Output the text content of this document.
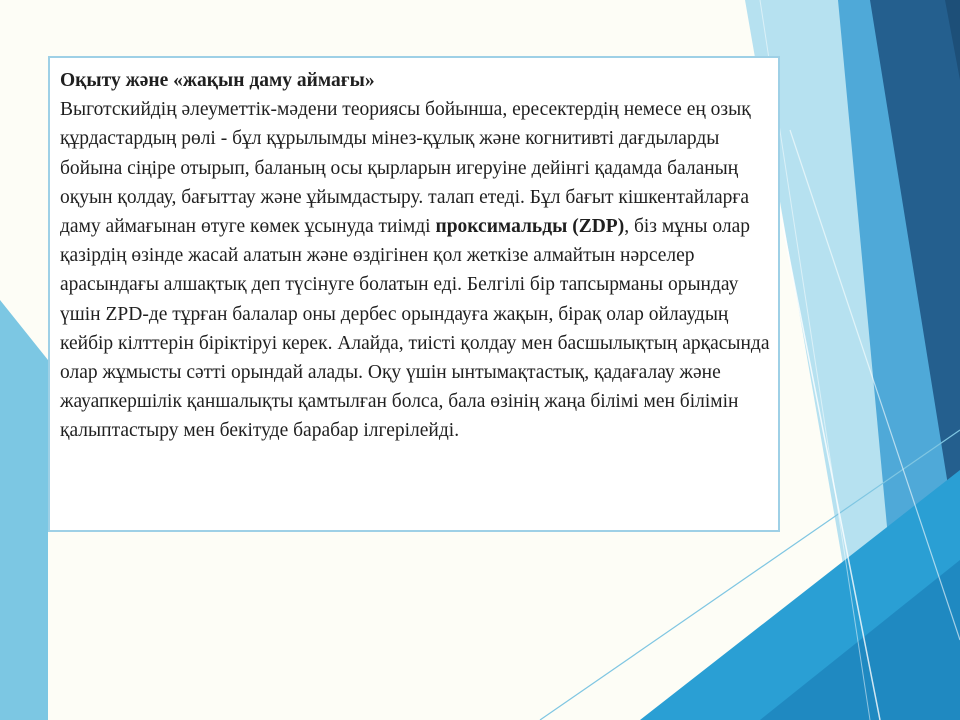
Оқыту және «жақын даму аймағы»

Выготскийдің әлеуметтік-мәдени теориясы бойынша, ересектердің немесе ең озық құрдастардың рөлі - бұл құрылымды мінез-құлық және когнитивті дағдыларды бойына сіңіре отырып, баланың осы қырларын игеруіне дейінгі қадамда баланың оқуын қолдау, бағыттау және ұйымдастыру. талап етеді. Бұл бағыт кішкентайларға даму аймағынан өтуге көмек ұсынуда тиімді проксимальды (ZDP), біз мұны олар қазірдің өзінде жасай алатын және өздігінен қол жеткізе алмайтын нәрселер арасындағы алшақтық деп түсінуге болатын еді. Белгілі бір тапсырманы орындау үшін ZPD-де тұрған балалар оны дербес орындауға жақын, бірақ олар ойлаудың кейбір кілттерін біріктіруі керек. Алайда, тиісті қолдау мен басшылықтың арқасында олар жұмысты сәтті орындай алады. Оқу үшін ынтымақтастық, қадағалау және жауапкершілік қаншалықты қамтылған болса, бала өзінің жаңа білімі мен білімін қалыптастыру мен бекітуде барабар ілгерілейді.
